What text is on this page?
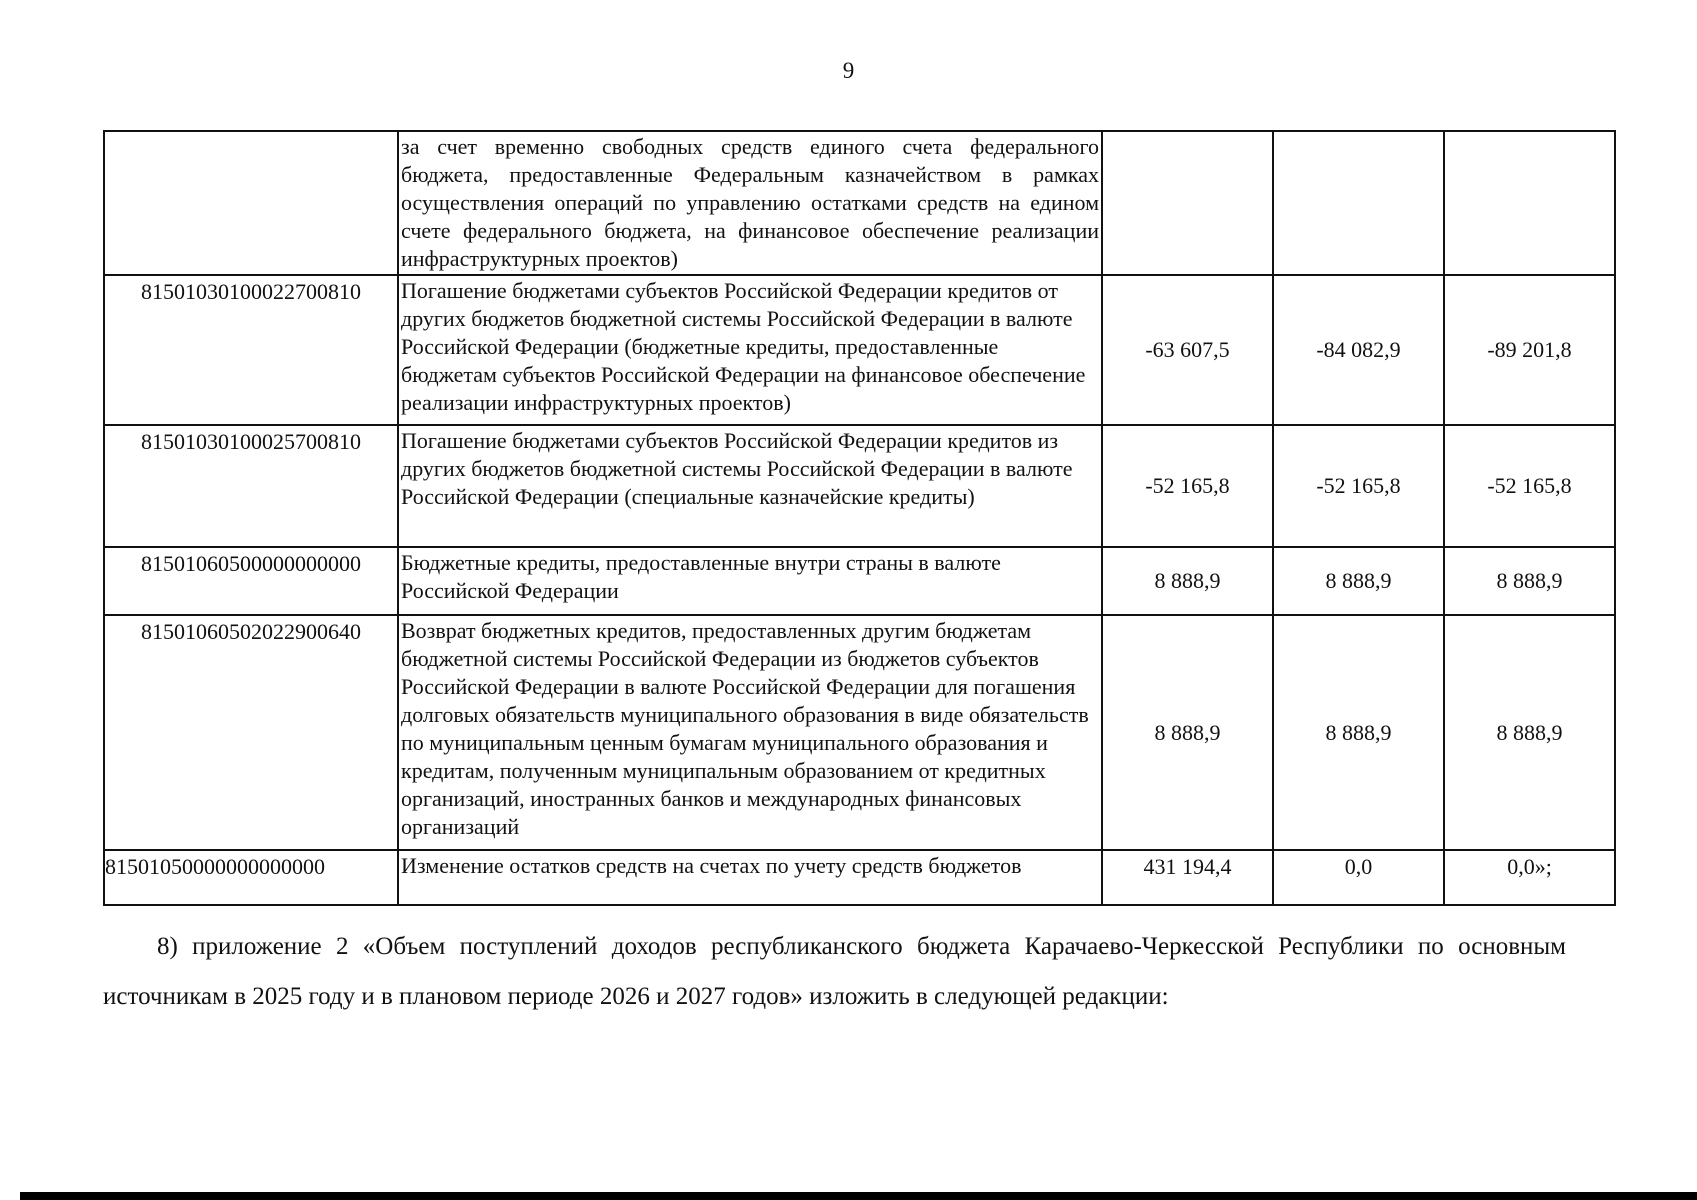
9
	за счет временно свободных средств единого счета федерального бюджета, предоставленные Федеральным казначейством в рамках осуществления операций по управлению остатками средств на едином счете федерального бюджета, на финансовое обеспечение реализации инфраструктурных проектов)			
81501030100022700810	Погашение бюджетами субъектов Российской Федерации кредитов от других бюджетов бюджетной системы Российской Федерации в валюте Российской Федерации (бюджетные кредиты, предоставленные бюджетам субъектов Российской Федерации на финансовое обеспечение реализации инфраструктурных проектов)	-63 607,5	-84 082,9	-89 201,8
81501030100025700810	Погашение бюджетами субъектов Российской Федерации кредитов из других бюджетов бюджетной системы Российской Федерации в валюте Российской Федерации (специальные казначейские кредиты)	-52 165,8	-52 165,8	-52 165,8
81501060500000000000	Бюджетные кредиты, предоставленные внутри страны в валюте Российской Федерации	8 888,9	8 888,9	8 888,9
81501060502022900640	Возврат бюджетных кредитов, предоставленных другим бюджетам бюджетной системы Российской Федерации из бюджетов субъектов Российской Федерации в валюте Российской Федерации для погашения долговых обязательств муниципального образования в виде обязательств по муниципальным ценным бумагам муниципального образования и кредитам, полученным муниципальным образованием от кредитных организаций, иностранных банков и международных финансовых организаций	8 888,9	8 888,9	8 888,9
81501050000000000000	Изменение остатков средств на счетах по учету средств бюджетов	431 194,4	0,0	0,0»;
8) приложение 2 «Объем поступлений доходов республиканского бюджета Карачаево-Черкесской Республики по основным источникам в 2025 году и в плановом периоде 2026 и 2027 годов» изложить в следующей редакции:
